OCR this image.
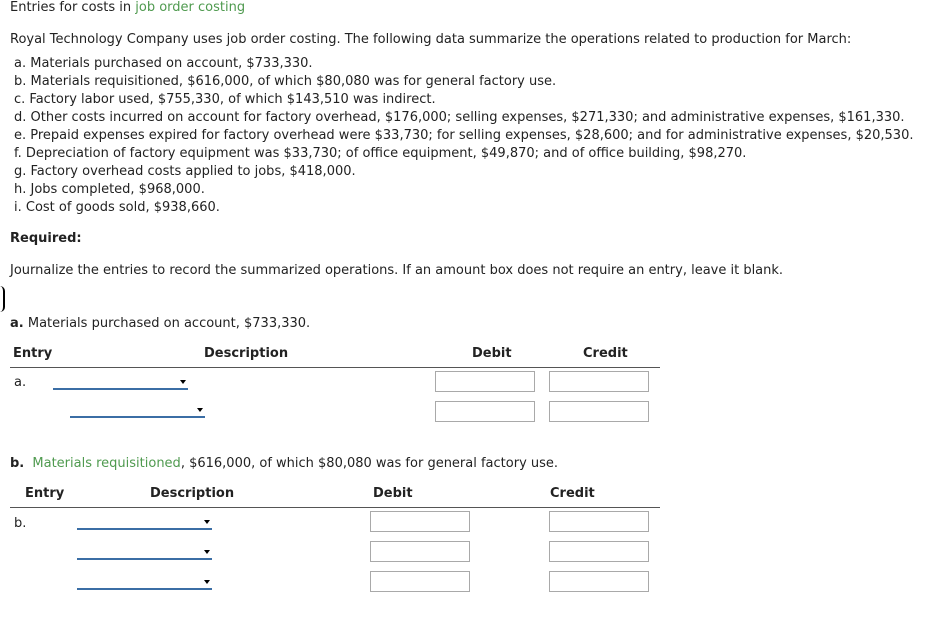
Entries for costs in job order costing
Royal Technology Company uses job order costing. The following data summarize the operations related to production for March:
a. Materials purchased on account, $733,330.
b. Materials requisitioned, $616,000, of which $80,080 was for general factory use.
c. Factory labor used, $755,330, of which $143,510 was indirect.
d. Other costs incurred on account for factory overhead, $176,000; selling expenses, $271,330; and administrative expenses, $161,330.
e. Prepaid expenses expired for factory overhead were $33,730; for selling expenses, $28,600; and for administrative expenses, $20,530.
f. Depreciation of factory equipment was $33,730; of office equipment, $49,870; and of office building, $98,270.
g. Factory overhead costs applied to jobs, $418,000.
h. Jobs completed, $968,000.
i. Cost of goods sold, $938,660.
Required:
Journalize the entries to record the summarized operations. If an amount box does not require an entry, leave it blank.
a. Materials purchased on account, $733,330.
Entry	Description	Debit	Credit
a.
b. Materials requisitioned, $616,000, of which $80,080 was for general factory use.
Entry	Description	Debit	Credit
b.
